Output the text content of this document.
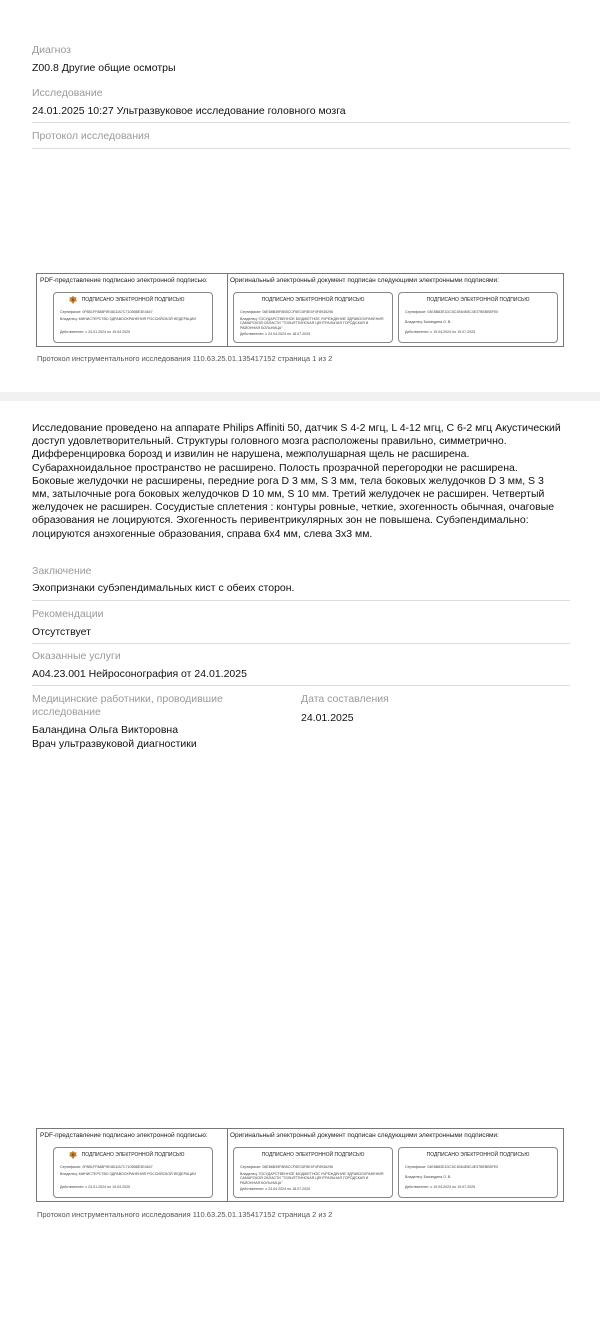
Диагноз
Z00.8 Другие общие осмотры
Исследование
24.01.2025 10:27 Ультразвуковое исследование головного мозга
Протокол исследования
PDF-представление подписано электронной подписью:	Оригинальный электронный документ подписан следующими электронными подписями:
ПОДПИСАНО ЭЛЕКТРОННОЙ ПОДПИСЬЮ
Сертификат: 0F8B1FF888F9E481DA7C7105B8E3E4647
Владелец: МИНИСТЕРСТВО ЗДРАВООХРАНЕНИЯ РОССИЙСКОЙ ФЕДЕРАЦИИ
Действителен: с 24.01.2024 по 19.04.2025
ПОДПИСАНО ЭЛЕКТРОННОЙ ПОДПИСЬЮ
Сертификат: 06E88B39F8B5CCF6EC6F8E4F4F8936296
Владелец: ГОСУДАРСТВЕННОЕ БЮДЖЕТНОЕ УЧРЕЖДЕНИЕ ЗДРАВООХРАНЕНИЯ САМАРСКОЙ ОБЛАСТИ "ТОЛЬЯТТИНСКАЯ ЦЕНТРАЛЬНАЯ ГОРОДСКАЯ И РАЙОННАЯ БОЛЬНИЦА"
Действителен: с 24.04.2024 по 18.07.2025
ПОДПИСАНО ЭЛЕКТРОННОЙ ПОДПИСЬЮ
Сертификат: 04E8B83E1DC5C1B64E8C4E37BEBB5FE0
Владелец: Баландина О. В.
Действителен: с 19.04.2024 по 19.07.2025
Протокол инструментального исследования 110.63.25.01.135417152 страница 1 из 2
Исследование проведено на аппарате Philips Affiniti 50, датчик S 4-2 мгц, L 4-12 мгц, C 6-2 мгц Акустический доступ удовлетворительный. Структуры головного мозга расположены правильно, симметрично. Дифференцировка борозд и извилин не нарушена, межполушарная щель не расширена. Субарахноидальное пространство не расширено. Полость прозрачной перегородки не расширена. Боковые желудочки не расширены, передние рога D 3 мм, S 3 мм, тела боковых желудочков D 3 мм, S 3 мм, затылочные рога боковых желудочков D 10 мм, S 10 мм. Третий желудочек не расширен. Четвертый желудочек не расширен. Сосудистые сплетения : контуры ровные, четкие, эхогенность обычная, очаговые образования не лоцируются. Эхогенность перивентрикулярных зон не повышена. Субэпендимально: лоцируются анэхогенные образования, справа 6х4 мм, слева 3х3 мм.
Заключение
Эхопризнаки субэпендимальных кист с обеих сторон.
Рекомендации
Отсутствует
Оказанные услуги
A04.23.001 Нейросонография от 24.01.2025
Медицинские работники, проводившие
исследование
Баландина Ольга Викторовна
Врач ультразвуковой диагностики
Дата составления
24.01.2025
PDF-представление подписано электронной подписью:	Оригинальный электронный документ подписан следующими электронными подписями:
ПОДПИСАНО ЭЛЕКТРОННОЙ ПОДПИСЬЮ
Сертификат: 0F8B1FF888F9E481DA7C7105B8E3E4647
Владелец: МИНИСТЕРСТВО ЗДРАВООХРАНЕНИЯ РОССИЙСКОЙ ФЕДЕРАЦИИ
Действителен: с 24.01.2024 по 19.04.2025
ПОДПИСАНО ЭЛЕКТРОННОЙ ПОДПИСЬЮ
Сертификат: 06E88B39F8B5CCF6EC6F8E4F4F8936296
Владелец: ГОСУДАРСТВЕННОЕ БЮДЖЕТНОЕ УЧРЕЖДЕНИЕ ЗДРАВООХРАНЕНИЯ САМАРСКОЙ ОБЛАСТИ "ТОЛЬЯТТИНСКАЯ ЦЕНТРАЛЬНАЯ ГОРОДСКАЯ И РАЙОННАЯ БОЛЬНИЦА"
Действителен: с 24.04.2024 по 18.07.2025
ПОДПИСАНО ЭЛЕКТРОННОЙ ПОДПИСЬЮ
Сертификат: 04E8B83E1DC5C1B64E8C4E37BEBB5FE0
Владелец: Баландина О. В.
Действителен: с 19.04.2024 по 19.07.2025
Протокол инструментального исследования 110.63.25.01.135417152 страница 2 из 2
